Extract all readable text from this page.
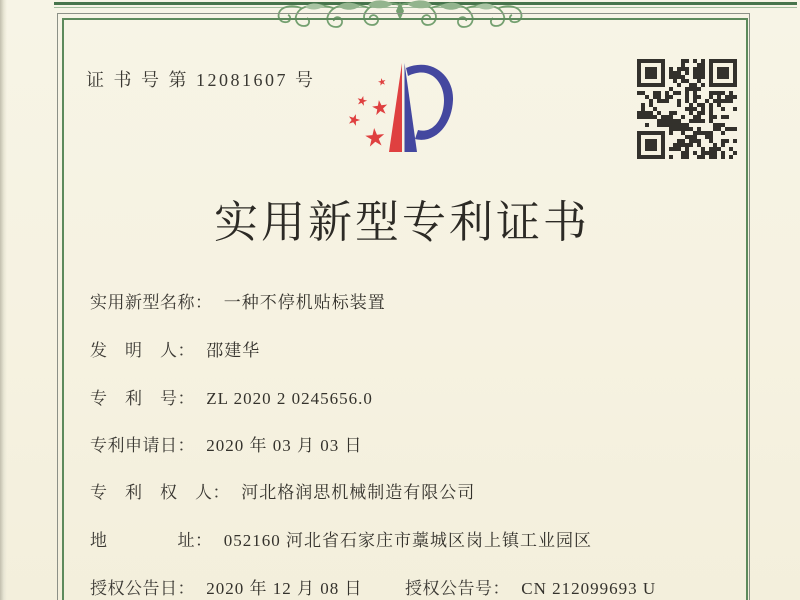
证 书 号 第 12081607 号
实用新型专利证书
实用新型名称： 一种不停机贴标装置
发　明　人： 邵建华
专　利　号： ZL 2020 2 0245656.0
专利申请日： 2020 年 03 月 03 日
专　利　权　人： 河北格润思机械制造有限公司
地　　　　址： 052160 河北省石家庄市藁城区岗上镇工业园区
授权公告日： 2020 年 12 月 08 日	授权公告号： CN 212099693 U
